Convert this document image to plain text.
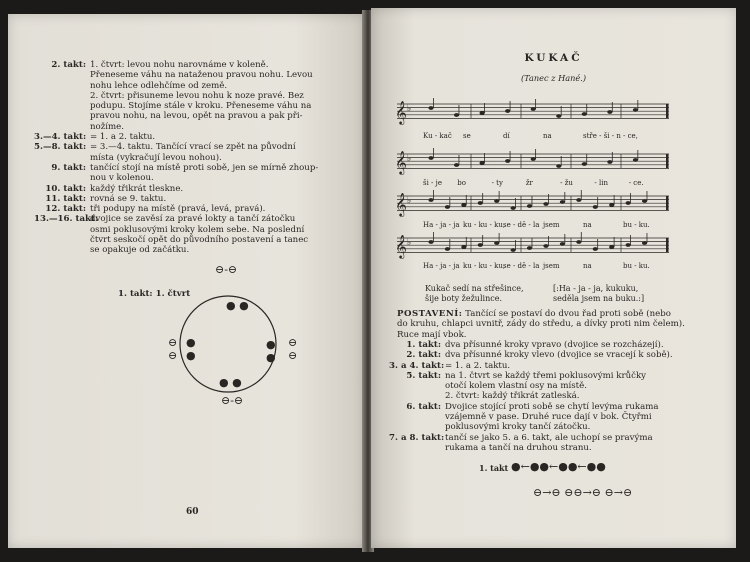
2. takt: 1. čtvrt: levou nohu narovnáme v koleně.
Přeneseme váhu na nataženou pravou nohu. Levou
nohu lehce odlehčíme od země.
2. čtvrt: přisuneme levou nohu k noze pravé. Bez
podupu. Stojíme stále v kroku. Přeneseme váhu na
pravou nohu, na levou, opět na pravou a pak při-
nožíme.
3.—4. takt: = 1. a 2. taktu.
5.—8. takt: = 3.—4. taktu. Tančící vrací se zpět na původní
místa (vykračují levou nohou).
9. takt: tančící stojí na místě proti sobě, jen se mírně zhoup-
nou v kolenou.
10. takt: každý třikrát tleskne.
11. takt: rovná se 9. taktu.
12. takt: tři podupy na místě (pravá, levá, pravá).
13.—16. takt:
dvojice se zavěsí za pravé lokty a tančí zátočku
osmi poklusovými kroky kolem sebe. Na poslední
čtvrt seskočí opět do původního postavení a tanec
se opakuje od začátku.
1. takt: 1. čtvrt
⊖-⊖
● ●
●
●
⊖
⊖
●
●
⊖
⊖
● ●
⊖-⊖
60
KUKAČ
(Tanec z Hané.)
𝄞 ♭
𝄞 ♭
𝄞 ♭
𝄞 ♭
Ku - kač se	dí	na	stře - ši - n - ce,
ši - je bo	- ty	žr	- žu	- lin	- ce.
Ha - ja - ja ku - ku - ku,
se - dě - la jsem	na	bu - ku.
Ha - ja - ja ku - ku - ku,
se - dě - la jsem	na	bu - ku.
Kukač sedí na střešince,
šije boty žežulince.
[:Ha - ja - ja, kukuku,
seděla jsem na buku.:]
POSTAVENÍ: Tančící se postaví do dvou řad proti sobě (nebo
do kruhu, chlapci uvnitř, zády do středu, a dívky proti nim čelem).
Ruce mají vbok.
1. takt: dva přísunné kroky vpravo (dvojice se rozcházejí).
2. takt: dva přísunné kroky vlevo (dvojice se vracejí k sobě).
3. a 4. takt: = 1. a 2. taktu.
5. takt: na 1. čtvrt se každý třemi poklusovými krůčky
otočí kolem vlastní osy na místě.
2. čtvrt: každý třikrát zatleská.
6. takt: Dvojice stojící proti sobě se chytí levýma rukama
vzájemně v pase. Druhé ruce dají v bok. Čtyřmi
poklusovými kroky tančí zátočku.
7. a 8. takt: tančí se jako 5. a 6. takt, ale uchopí se pravýma
rukama a tančí na druhou stranu.
1. takt ●←●●←●●←●●
⊖→⊖ ⊖⊖→⊖ ⊖→⊖
